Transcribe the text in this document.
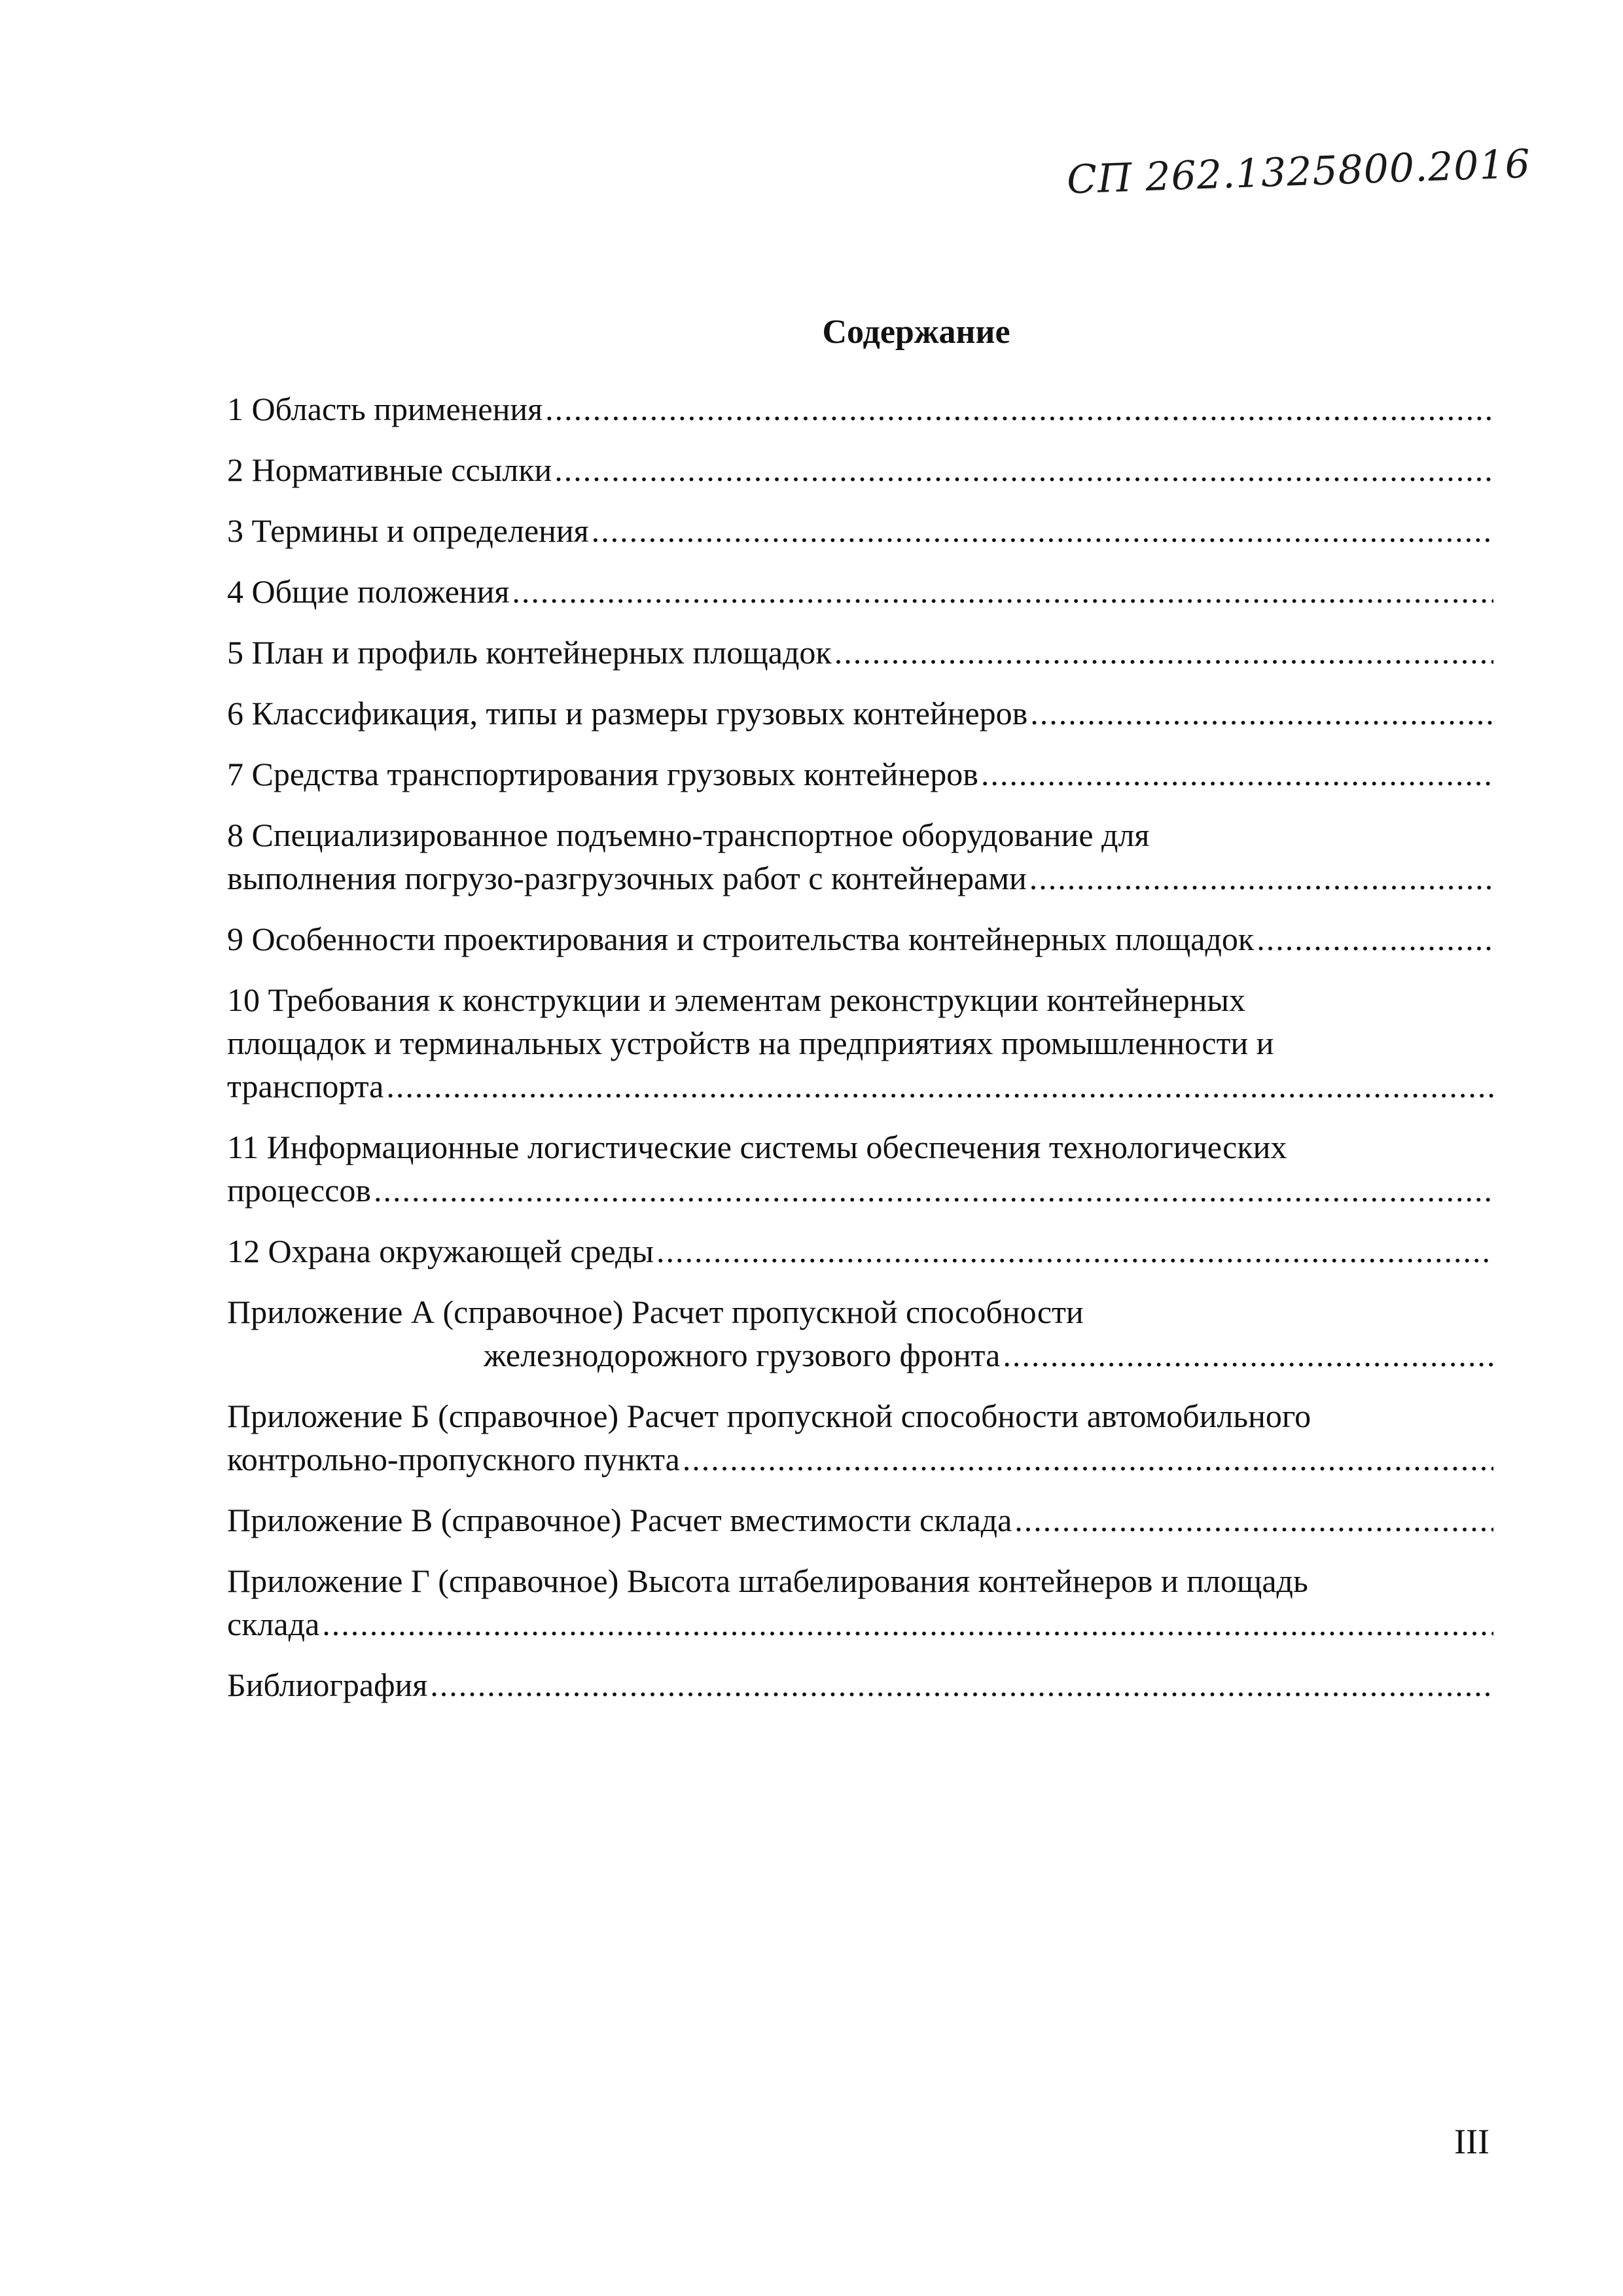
СП 262.1325800.2016
Содержание
1 Область применения
.....
2 Нормативные ссылки
.....
3 Термины и определения
.....
4 Общие положения
.....
5 План и профиль контейнерных площадок
.....
6 Классификация, типы и размеры грузовых контейнеров
.....
7 Средства транспортирования грузовых контейнеров
.....
8 Специализированное подъемно-транспортное оборудование для
выполнения погрузо-разгрузочных работ с контейнерами
.....
9 Особенности проектирования и строительства контейнерных площадок
.....
10 Требования к конструкции и элементам реконструкции контейнерных
площадок и терминальных устройств на предприятиях промышленности и
транспорта
.....
11 Информационные логистические системы обеспечения технологических
процессов
.....
12 Охрана окружающей среды
.....
Приложение А (справочное) Расчет пропускной способности
железнодорожного грузового фронта
.....
Приложение Б (справочное) Расчет пропускной способности автомобильного
контрольно-пропускного пункта
.....
Приложение В (справочное) Расчет вместимости склада
.....
Приложение Г (справочное) Высота штабелирования контейнеров и площадь
склада
.....
Библиография
.....
III
